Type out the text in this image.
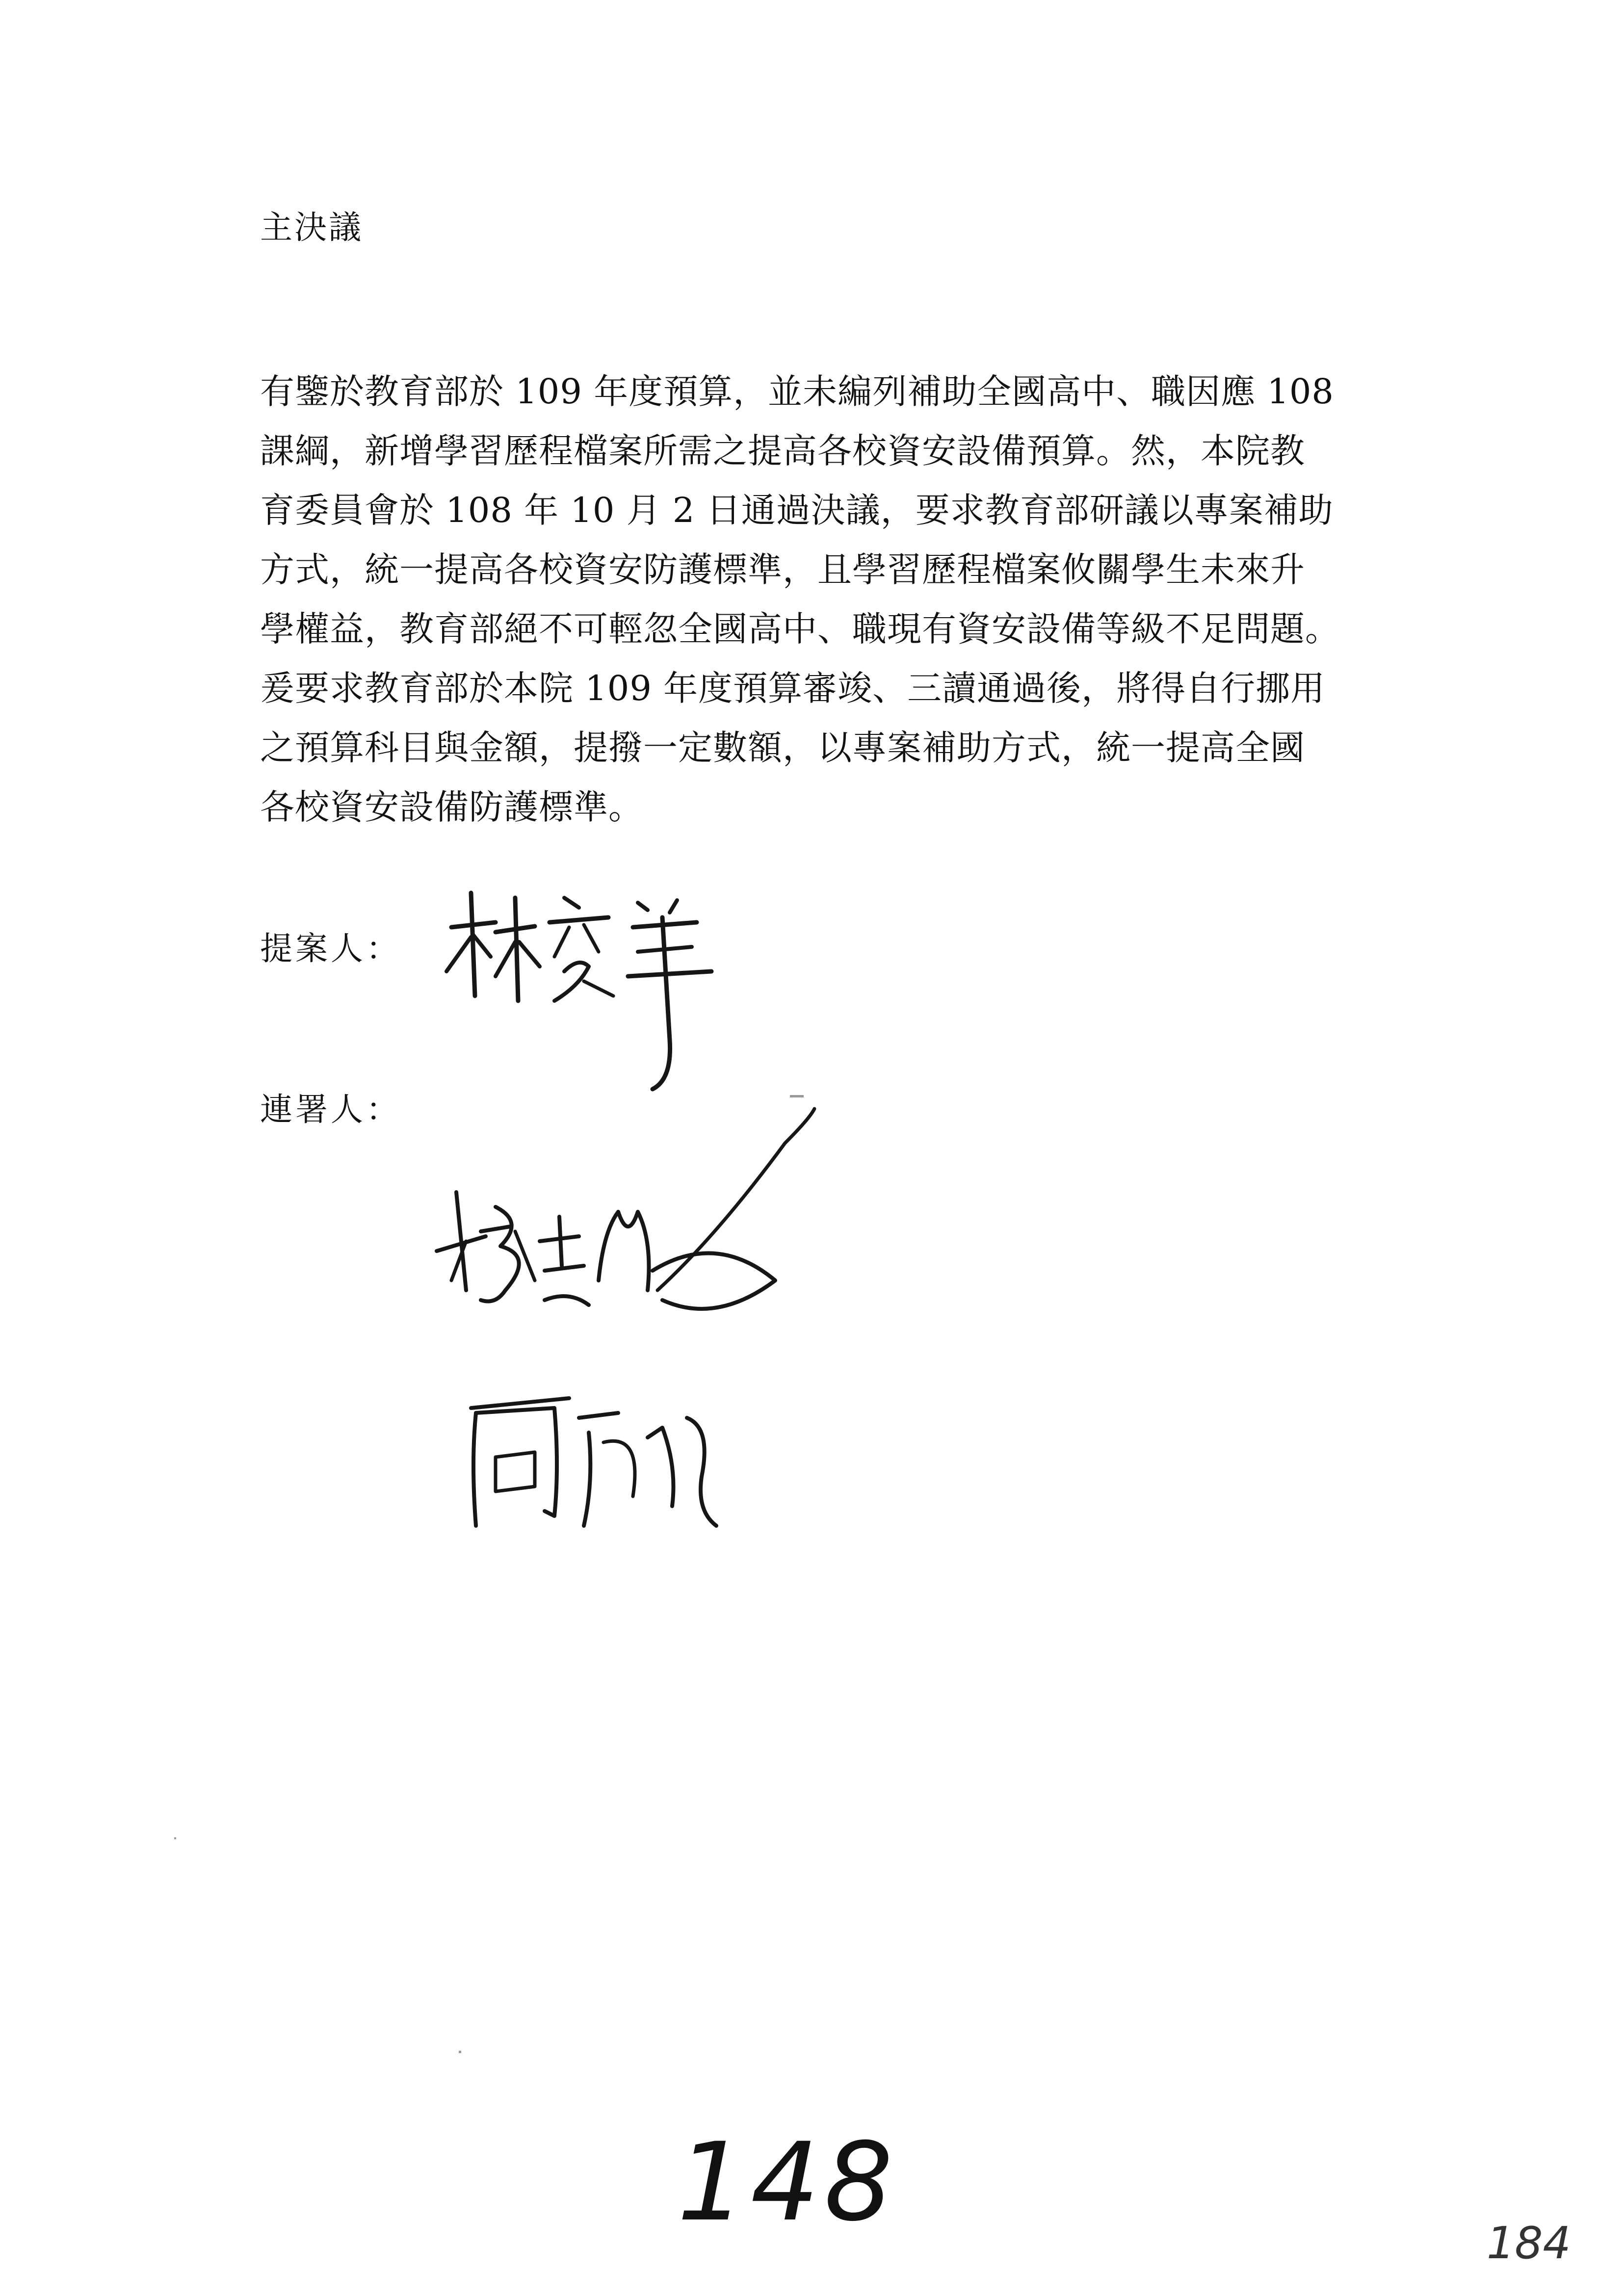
主決議
有鑒於教育部於 109 年度預算，並未編列補助全國高中、職因應 108
課綱，新增學習歷程檔案所需之提高各校資安設備預算。然，本院教
育委員會於 108 年 10 月 2 日通過決議，要求教育部研議以專案補助
方式，統一提高各校資安防護標準，且學習歷程檔案攸關學生未來升
學權益，教育部絕不可輕忽全國高中、職現有資安設備等級不足問題。
爰要求教育部於本院 109 年度預算審竣、三讀通過後，將得自行挪用
之預算科目與金額，提撥一定數額，以專案補助方式，統一提高全國
各校資安設備防護標準。
提案人：
連署人：
148	184
